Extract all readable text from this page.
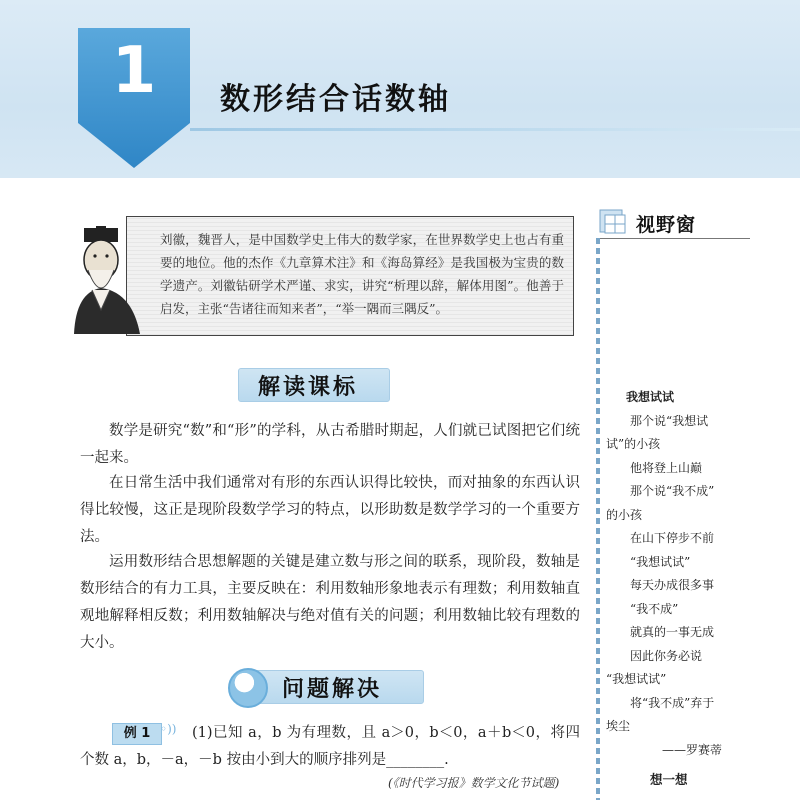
1	数形结合话数轴
刘徽，魏晋人，是中国数学史上伟大的数学家，在世界数学史上也占有重要的地位。他的杰作《九章算术注》和《海岛算经》是我国极为宝贵的数学遗产。刘徽钻研学术严谨、求实，讲究“析理以辞，解体用图”。他善于启发，主张“告诸往而知来者”，“举一隅而三隅反”。
解读课标
数学是研究“数”和“形”的学科，从古希腊时期起，人们就已试图把它们统一起来。
在日常生活中我们通常对有形的东西认识得比较快，而对抽象的东西认识得比较慢，这正是现阶段数学学习的特点，以形助数是数学学习的一个重要方法。
运用数形结合思想解题的关键是建立数与形之间的联系，现阶段，数轴是数形结合的有力工具，主要反映在：利用数轴形象地表示有理数；利用数轴直观地解释相反数；利用数轴解决与绝对值有关的问题；利用数轴比较有理数的大小。
问题解决
例 1 ◦))	(1)已知 a，b 为有理数，且 a＞0，b＜0，a＋b＜0，将四个数 a，b，－a，－b 按由小到大的顺序排列是________.
(《时代学习报》数学文化节试题)
视野窗
我想试试
那个说“我想试
试”的小孩
他将登上山巅
那个说“我不成”
的小孩
在山下停步不前
“我想试试”
每天办成很多事
“我不成”
就真的一事无成
因此你务必说
“我想试试”
将“我不成”弃于
埃尘
——罗赛蒂
想一想
